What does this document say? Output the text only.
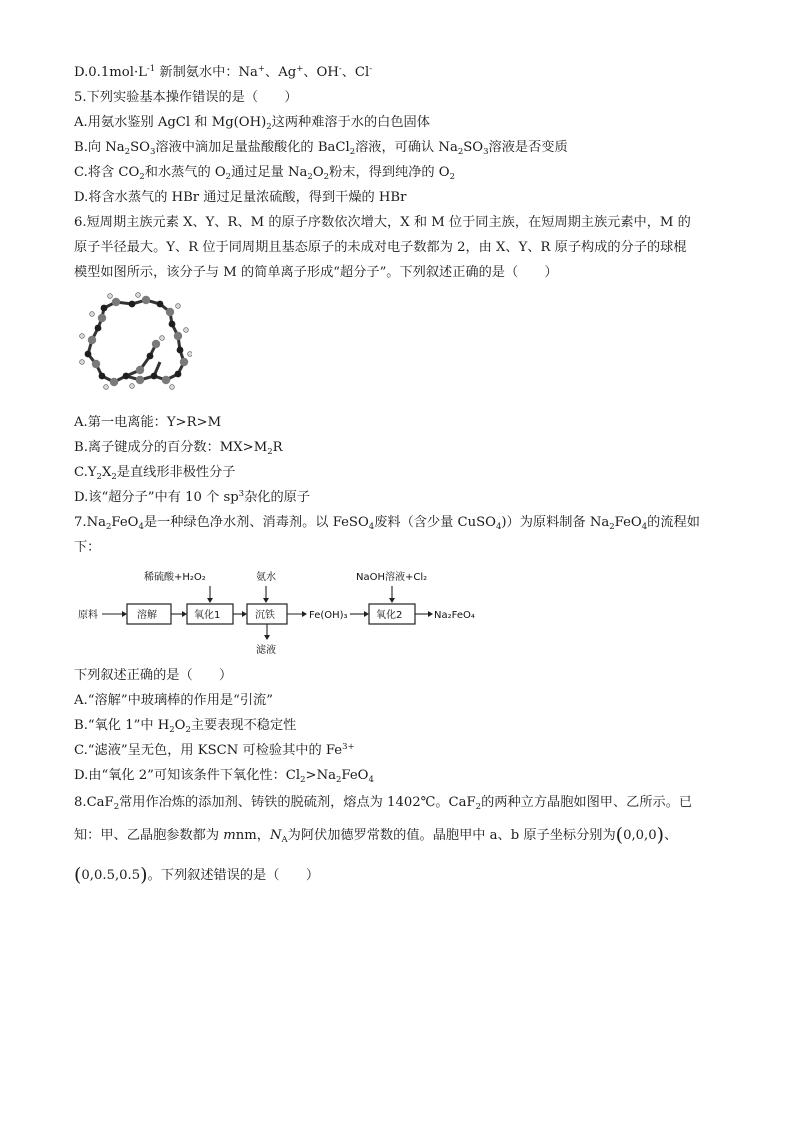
$D.0.1mol\cdot L^{-1}$ 新制氨水中：Na+、Ag+、OH-、Cl-
5.下列实验基本操作错误的是（　　）
A.用氨水鉴别 AgCl 和 $Mg(OH)_2$这两种难溶于水的白色固体
B.向 $Na_2SO_3$溶液中滴加足量盐酸酸化的 BaCl$_2$溶液，可确认 $Na_2SO_3$溶液是否变质
C.将含 $CO_2$和水蒸气的 $O_2$通过足量 $Na_2O_2$粉末，得到纯净的 $O_2$
D.将含水蒸气的 HBr 通过足量浓硫酸，得到干燥的 HBr
6.短周期主族元素 X、Y、R、M 的原子序数依次增大，X 和 M 位于同主族，在短周期主族元素中，M 的
原子半径最大。Y、R 位于同周期且基态原子的未成对电子数都为 2，由 X、Y、R 原子构成的分子的球棍
模型如图所示，该分子与 M 的简单离子形成“超分子”。下列叙述正确的是（　　）
A.第一电离能：Y>R>M
B.离子键成分的百分数：$MX>M_2R$
$C.Y_2X_2$是直线形非极性分子
D.该“超分子”中有 10 个 $sp^3$杂化的原子
$7.Na_2FeO_4$是一种绿色净水剂、消毒剂。以 FeSO$_4$废料（含少量 CuSO$_4$)）为原料制备 $Na_2FeO_4$的流程如
下：
稀硫酸+H₂O₂	氨水	NaOH溶液+Cl₂
原料	溶解	氧化1	沉铁	Fe(OH)₃	氧化2	Na₂FeO₄
滤液
下列叙述正确的是（　　）
A.“溶解”中玻璃棒的作用是“引流”
B.“氧化 1”中 $H_2O_2$主要表现不稳定性
C.“滤液”呈无色，用 KSCN 可检验其中的 $Fe^{3+}$
D.由“氧化 2”可知该条件下氧化性：$Cl_2>Na_2FeO_4$
8.CaF$_2$常用作冶炼的添加剂、铸铁的脱硫剂，熔点为 1402℃。CaF$_2$的两种立方晶胞如图甲、乙所示。已
知：甲、乙晶胞参数都为 mnm，$N_A$为阿伏加德罗常数的值。晶胞甲中 a、b 原子坐标分别为(0,0,0)、
(0,0.5,0.5)。下列叙述错误的是（　　）
